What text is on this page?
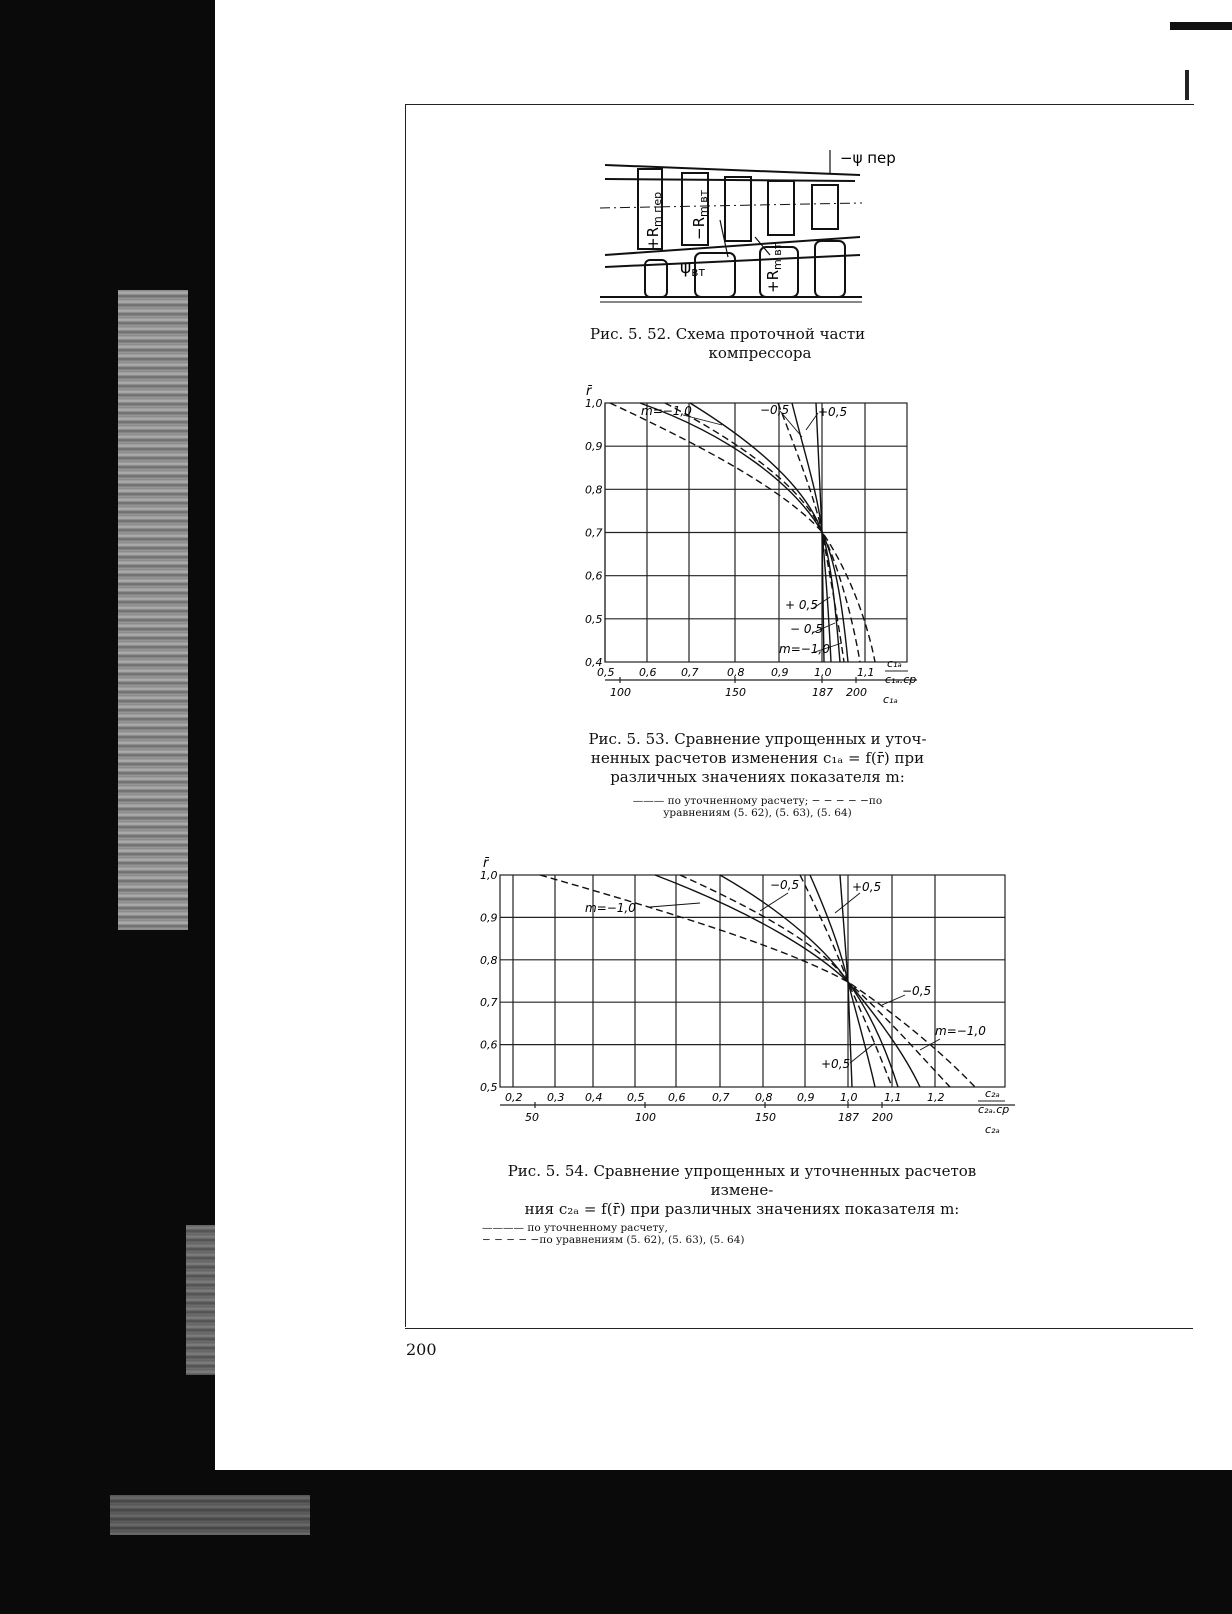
−ψ пер
$+R_{m пер}$
$-R_{m вт}$
ψвт	$+R_{m вт}$
Рис. 5. 52. Схема проточной части
компрессора
1,0
0,9
0,8
0,7
0,6
0,5
0,4
0,5 0,6 0,7	0,8 0,9 1,0 1,1
100	150	187 200
r̄
c₁ₐ
c₁ₐ.cp
c₁ₐ
m=−1,0	−0,5 +0,5
+ 0,5
− 0,5
m=−1,0
Рис. 5. 53. Сравнение упрощенных и уточ-
ненных расчетов изменения c₁ₐ = f(r̄) при
различных значениях показателя m:
——— по уточненному расчету; − − − − −по
уравнениям (5. 62), (5. 63), (5. 64)
1,0
0,9
0,8
0,7
0,6
0,5
0,2 0,3 0,4 0,5 0,6 0,7 0,8 0,9 1,0 1,1 1,2
50	100	150	187 200
r̄
c₂ₐ
c₂ₐ.cp
c₂ₐ
m=−1,0
−0,5	+0,5
−0,5
m=−1,0
+0,5
Рис. 5. 54. Сравнение упрощенных и уточненных расчетов измене-
ния c₂ₐ = f(r̄) при различных значениях показателя m:
———— по уточненному расчету,
− − − − −по уравнениям (5. 62), (5. 63), (5. 64)
200
